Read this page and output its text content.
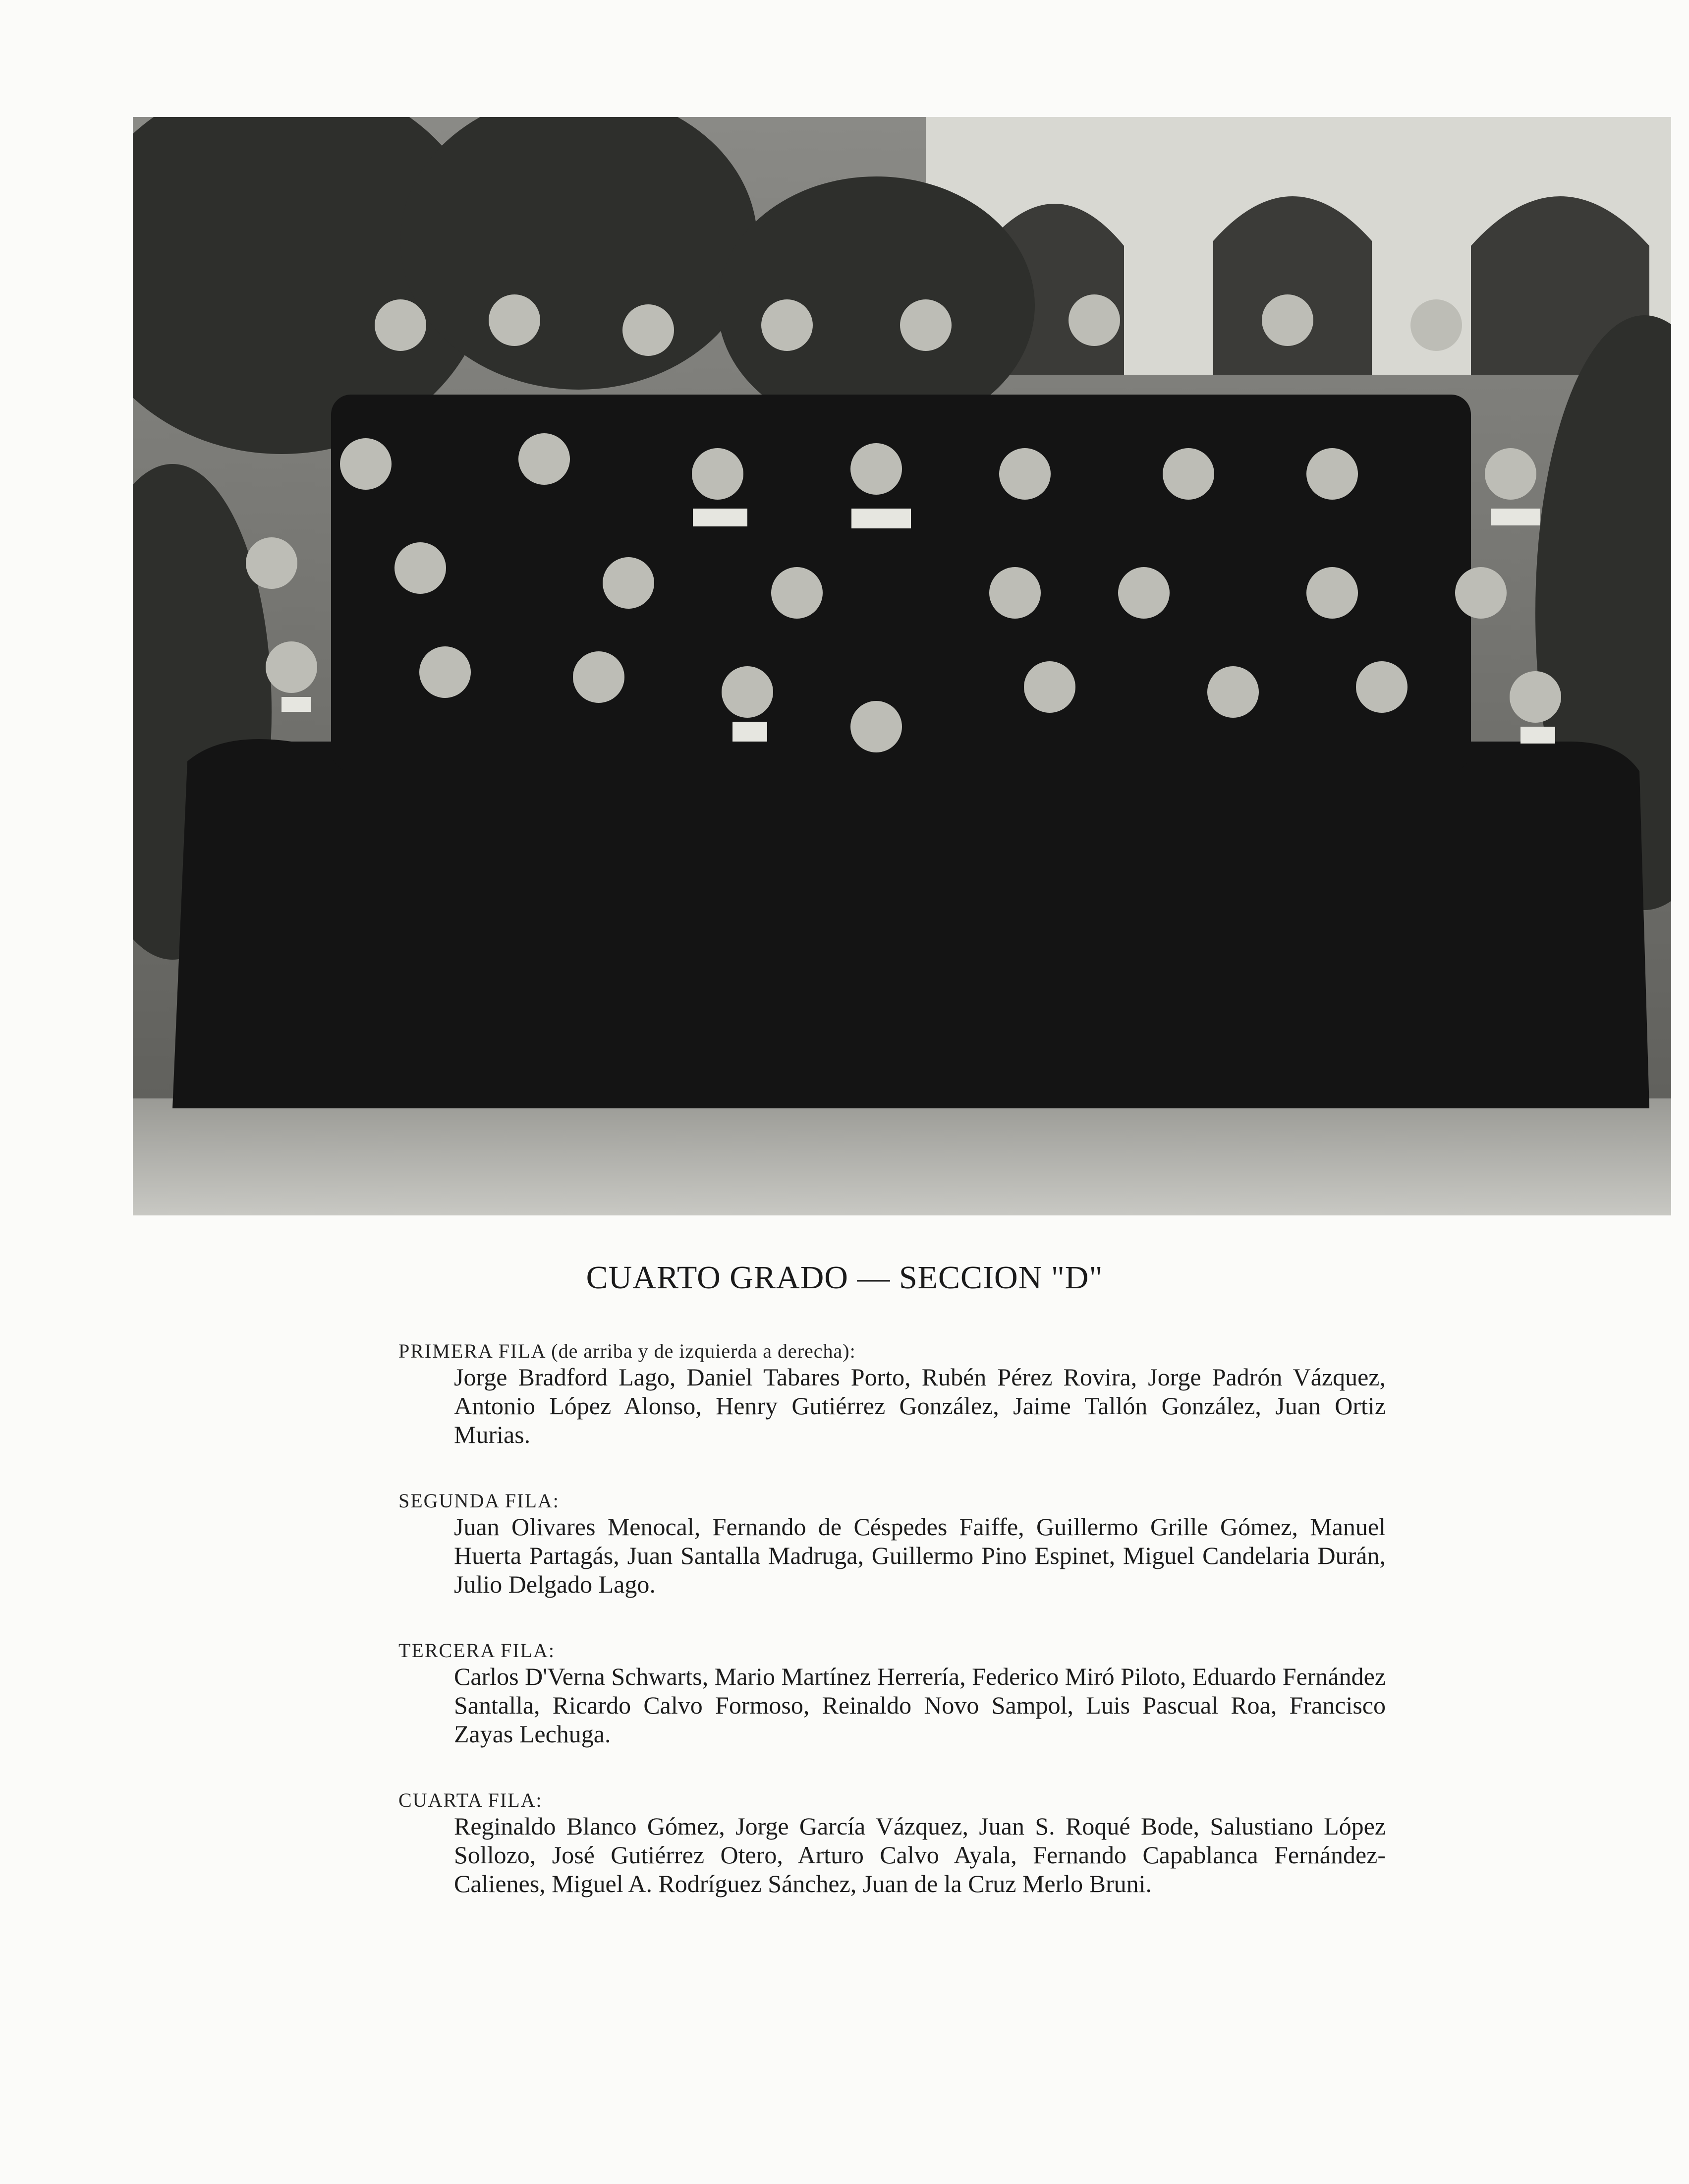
CUARTO GRADO — SECCION "D"
PRIMERA FILA (de arriba y de izquierda a derecha):
Jorge Bradford Lago, Daniel Tabares Porto, Rubén Pérez Rovira, Jorge Padrón Vázquez, Antonio López Alonso, Henry Gutiérrez González, Jaime Tallón González, Juan Ortiz Murias.
SEGUNDA FILA:
Juan Olivares Menocal, Fernando de Céspedes Faiffe, Guillermo Grille Gómez, Manuel Huerta Partagás, Juan Santalla Madruga, Guillermo Pino Espinet, Miguel Candelaria Durán, Julio Delgado Lago.
TERCERA FILA:
Carlos D'Verna Schwarts, Mario Martínez Herrería, Federico Miró Piloto, Eduardo Fernández Santalla, Ricardo Calvo Formoso, Reinaldo Novo Sampol, Luis Pascual Roa, Francisco Zayas Lechuga.
CUARTA FILA:
Reginaldo Blanco Gómez, Jorge García Vázquez, Juan S. Roqué Bode, Salustiano López Sollozo, José Gutiérrez Otero, Arturo Calvo Ayala, Fernando Capablanca Fernández-Calienes, Miguel A. Rodríguez Sánchez, Juan de la Cruz Merlo Bruni.
